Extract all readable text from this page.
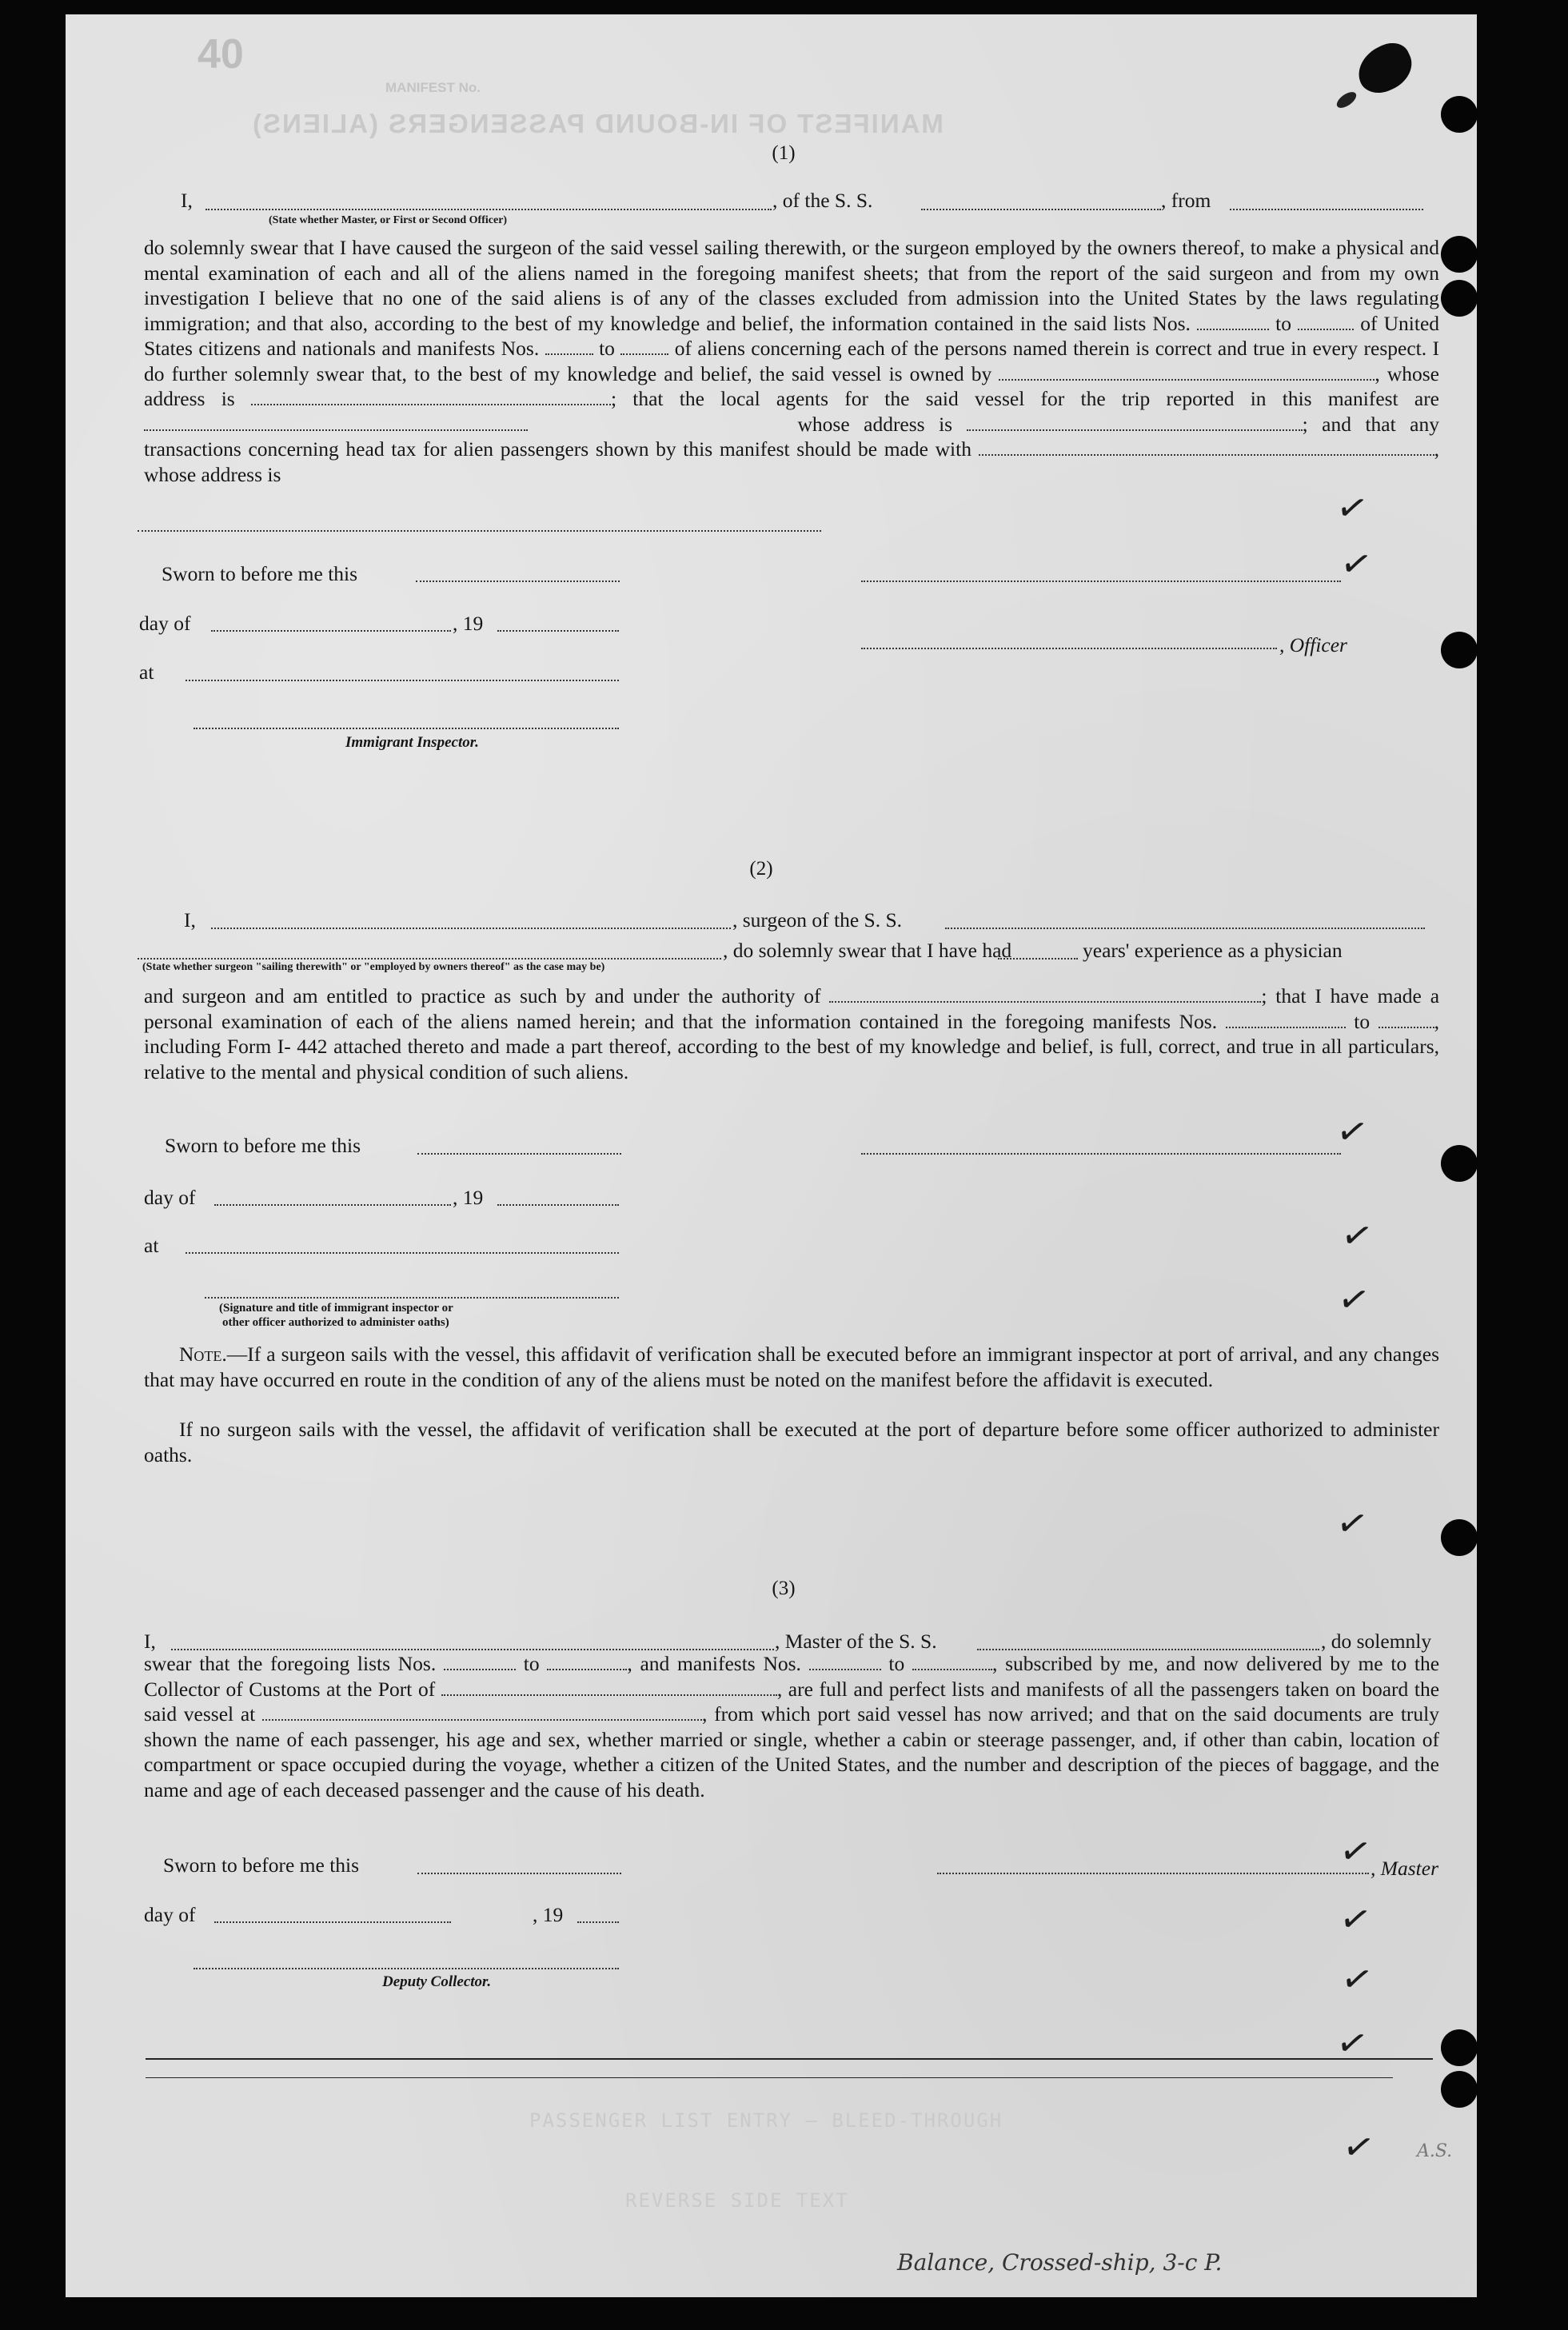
40
MANIFEST No.
MANIFEST OF IN-BOUND PASSENGERS (ALIENS)
(1)
I,
(State whether Master, or First or Second Officer)
, of the S. S.	, from
do solemnly swear that I have caused the surgeon of the said vessel sailing therewith, or the surgeon employed by the owners thereof, to make a physical and mental examination of each and all of the aliens named in the foregoing manifest sheets; that from the report of the said surgeon and from my own investigation I believe that no one of the said aliens is of any of the classes excluded from admission into the United States by the laws regulating immigration; and that also, according to the best of my knowledge and belief, the information contained in the said lists Nos.	to	of United States citizens and nationals and manifests Nos.	to	of aliens concerning each of the persons named therein is correct and true in every respect. I do further solemnly swear that, to the best of my knowledge and belief, the said vessel is owned by	, whose address is	; that the local agents for the said vessel for the trip reported in this manifest are  whose address is	; and that any transactions concerning head tax for alien passengers shown by this manifest should be made with	, whose address is
Sworn to before me this
day of	, 19
, Officer
at
Immigrant Inspector.
(2)
I,	, surgeon of the S. S.
(State whether surgeon "sailing therewith" or "employed by owners thereof" as the case may be)
, do solemnly swear that I have had	years' experience as a physician
and surgeon and am entitled to practice as such by and under the authority of	; that I have made a personal examination of each of the aliens named herein; and that the information contained in the foregoing manifests Nos.	to	, including Form I- 442 attached thereto and made a part thereof, according to the best of my knowledge and belief, is full, correct, and true in all particulars, relative to the mental and physical condition of such aliens.
Sworn to before me this
day of	, 19
at
(Signature and title of immigrant inspector or
other officer authorized to administer oaths)
Note.—If a surgeon sails with the vessel, this affidavit of verification shall be executed before an immigrant inspector at port of arrival, and any changes that may have occurred en route in the condition of any of the aliens must be noted on the manifest before the affidavit is executed.
If no surgeon sails with the vessel, the affidavit of verification shall be executed at the port of departure before some officer authorized to administer oaths.
(3)
I,	, Master of the S. S.	, do solemnly
swear that the foregoing lists Nos.	to	, and manifests Nos.	to	, subscribed by me, and now delivered by me to the Collector of Customs at the Port of	, are full and perfect lists and manifests of all the passengers taken on board the said vessel at	, from which port said vessel has now arrived; and that on the said documents are truly shown the name of each passenger, his age and sex, whether married or single, whether a cabin or steerage passenger, and, if other than cabin, location of compartment or space occupied during the voyage, whether a citizen of the United States, and the number and description of the pieces of baggage, and the name and age of each deceased passenger and the cause of his death.
Sworn to before me this	, Master
day of	, 19
Deputy Collector.
PASSENGER LIST ENTRY — BLEED-THROUGH
REVERSE SIDE TEXT
✓
✓
✓
✓
✓
✓
✓
✓
✓
✓
✓ A.S.
Balance, Crossed-ship, 3-c P.
